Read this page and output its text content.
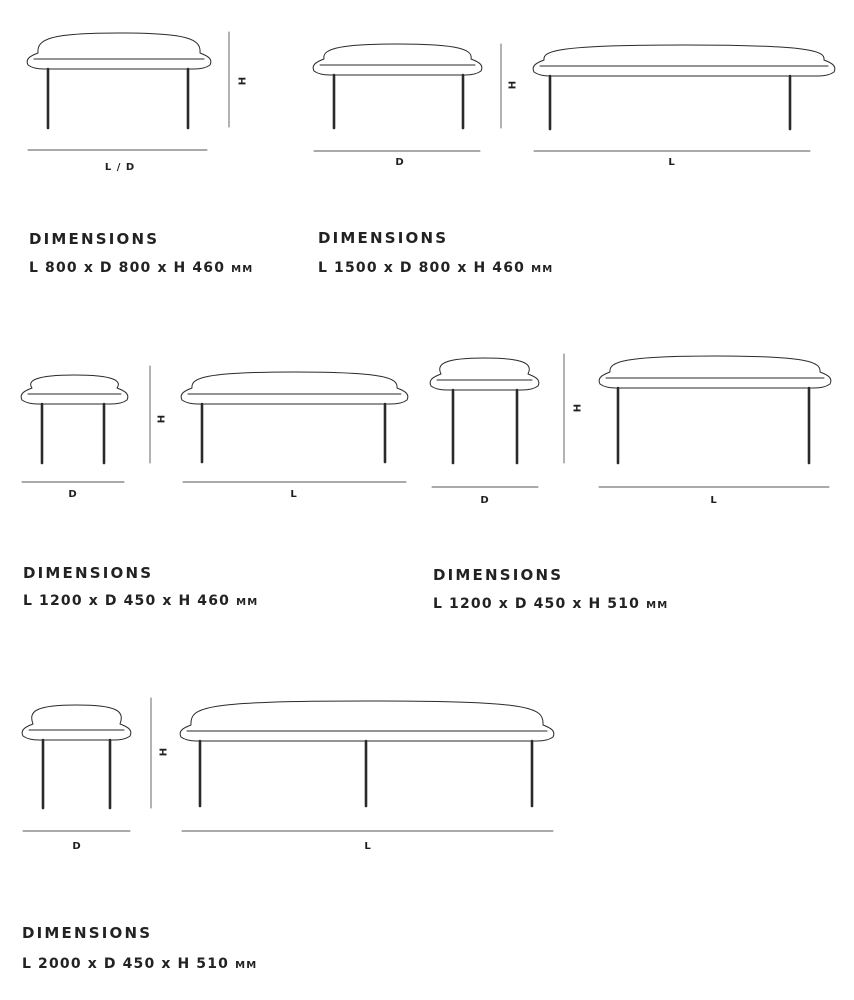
L / D
H
D
H
L
D
H
L
D
H
L
D
H
L
DIMENSIONS
L 800 x D 800 x H 460 MM
DIMENSIONS
L 1500 x D 800 x H 460 MM
DIMENSIONS
L 1200 x D 450 x H 460 MM
DIMENSIONS
L 1200 x D 450 x H 510 MM
DIMENSIONS
L 2000 x D 450 x H 510 MM
